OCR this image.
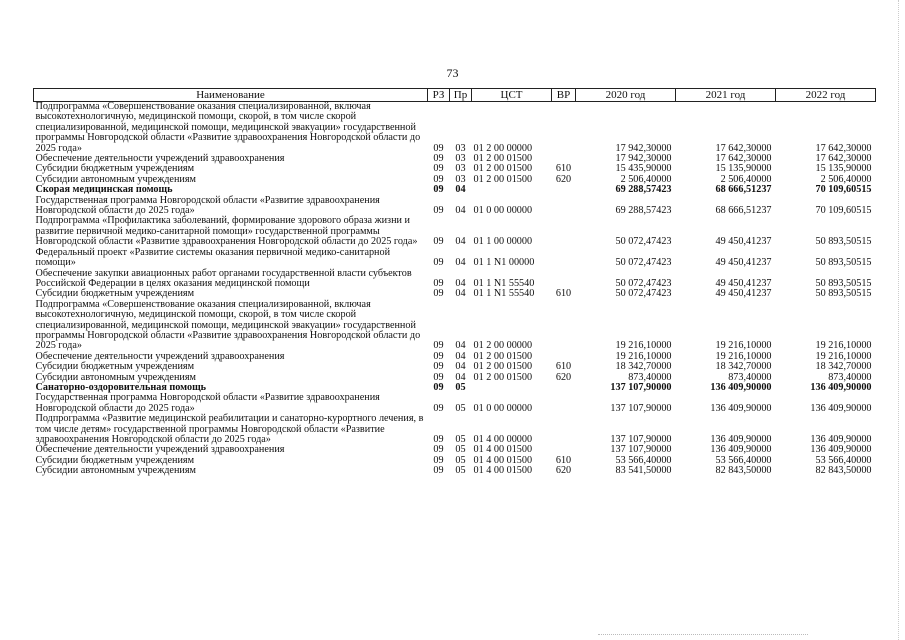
73
Наименование	РЗ	Пр	ЦСТ	ВР	2020 год	2021 год	2022 год
Подпрограмма «Совершенствование оказания специализированной, включая высокотехнологичную, медицинской помощи, скорой, в том числе скорой специализированной, медицинской помощи, медицинской эвакуации» государственной программы Новгородской области «Развитие здравоохранения Новгородской области до 2025 года»	09	03	01 2 00 00000		17 942,30000	17 642,30000	17 642,30000
Обеспечение деятельности учреждений здравоохранения	09	03	01 2 00 01500		17 942,30000	17 642,30000	17 642,30000
Субсидии бюджетным учреждениям	09	03	01 2 00 01500	610	15 435,90000	15 135,90000	15 135,90000
Субсидии автономным учреждениям	09	03	01 2 00 01500	620	2 506,40000	2 506,40000	2 506,40000
Скорая медицинская помощь	09	04			69 288,57423	68 666,51237	70 109,60515
Государственная программа Новгородской области «Развитие здравоохранения Новгородской области до 2025 года»	09	04	01 0 00 00000		69 288,57423	68 666,51237	70 109,60515
Подпрограмма «Профилактика заболеваний, формирование здорового образа жизни и развитие первичной медико-санитарной помощи» государственной программы Новгородской области «Развитие здравоохранения Новгородской области до 2025 года»	09	04	01 1 00 00000		50 072,47423	49 450,41237	50 893,50515
Федеральный проект «Развитие системы оказания первичной медико-санитарной помощи»	09	04	01 1 N1 00000		50 072,47423	49 450,41237	50 893,50515
Обеспечение закупки авиационных работ органами государственной власти субъектов Российской Федерации в целях оказания медицинской помощи	09	04	01 1 N1 55540		50 072,47423	49 450,41237	50 893,50515
Субсидии бюджетным учреждениям	09	04	01 1 N1 55540	610	50 072,47423	49 450,41237	50 893,50515
Подпрограмма «Совершенствование оказания специализированной, включая высокотехнологичную, медицинской помощи, скорой, в том числе скорой специализированной, медицинской помощи, медицинской эвакуации» государственной программы Новгородской области «Развитие здравоохранения Новгородской области до 2025 года»	09	04	01 2 00 00000		19 216,10000	19 216,10000	19 216,10000
Обеспечение деятельности учреждений здравоохранения	09	04	01 2 00 01500		19 216,10000	19 216,10000	19 216,10000
Субсидии бюджетным учреждениям	09	04	01 2 00 01500	610	18 342,70000	18 342,70000	18 342,70000
Субсидии автономным учреждениям	09	04	01 2 00 01500	620	873,40000	873,40000	873,40000
Санаторно-оздоровительная помощь	09	05			137 107,90000	136 409,90000	136 409,90000
Государственная программа Новгородской области «Развитие здравоохранения Новгородской области до 2025 года»	09	05	01 0 00 00000		137 107,90000	136 409,90000	136 409,90000
Подпрограмма «Развитие медицинской реабилитации и санаторно-курортного лечения, в том числе детям» государственной программы Новгородской области «Развитие здравоохранения Новгородской области до 2025 года»	09	05	01 4 00 00000		137 107,90000	136 409,90000	136 409,90000
Обеспечение деятельности учреждений здравоохранения	09	05	01 4 00 01500		137 107,90000	136 409,90000	136 409,90000
Субсидии бюджетным учреждениям	09	05	01 4 00 01500	610	53 566,40000	53 566,40000	53 566,40000
Субсидии автономным учреждениям	09	05	01 4 00 01500	620	83 541,50000	82 843,50000	82 843,50000
